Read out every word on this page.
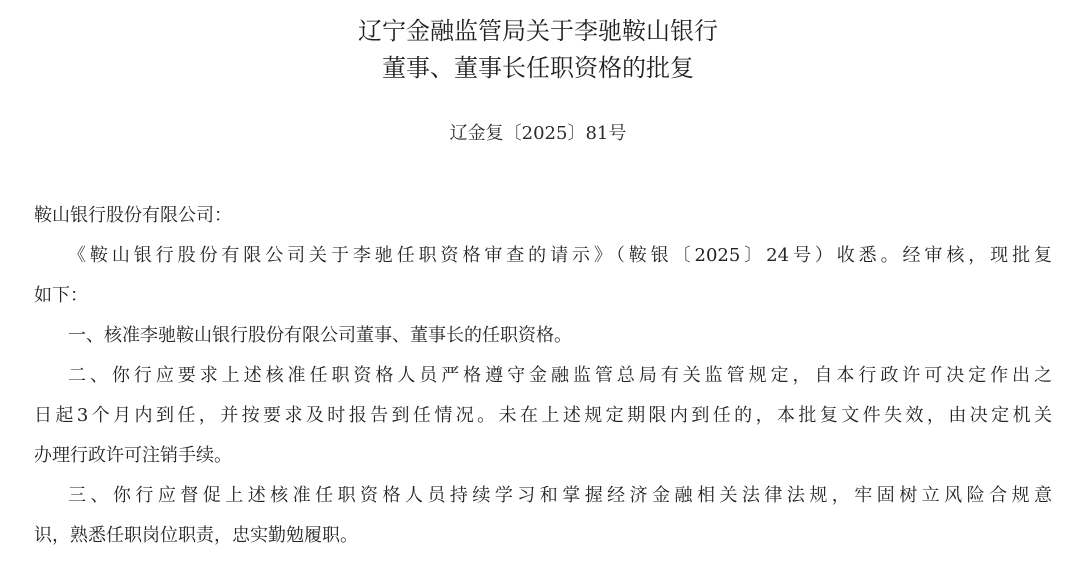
辽宁金融监管局关于李驰鞍山银行
董事、董事长任职资格的批复
辽金复〔2025〕81号
鞍山银行股份有限公司：
《鞍山银行股份有限公司关于李驰任职资格审查的请示》（鞍银〔2025〕24号）收悉。经审核，现批复
如下：
一、核准李驰鞍山银行股份有限公司董事、董事长的任职资格。
二、你行应要求上述核准任职资格人员严格遵守金融监管总局有关监管规定，自本行政许可决定作出之
日起3个月内到任，并按要求及时报告到任情况。未在上述规定期限内到任的，本批复文件失效，由决定机关
办理行政许可注销手续。
三、你行应督促上述核准任职资格人员持续学习和掌握经济金融相关法律法规，牢固树立风险合规意
识，熟悉任职岗位职责，忠实勤勉履职。
